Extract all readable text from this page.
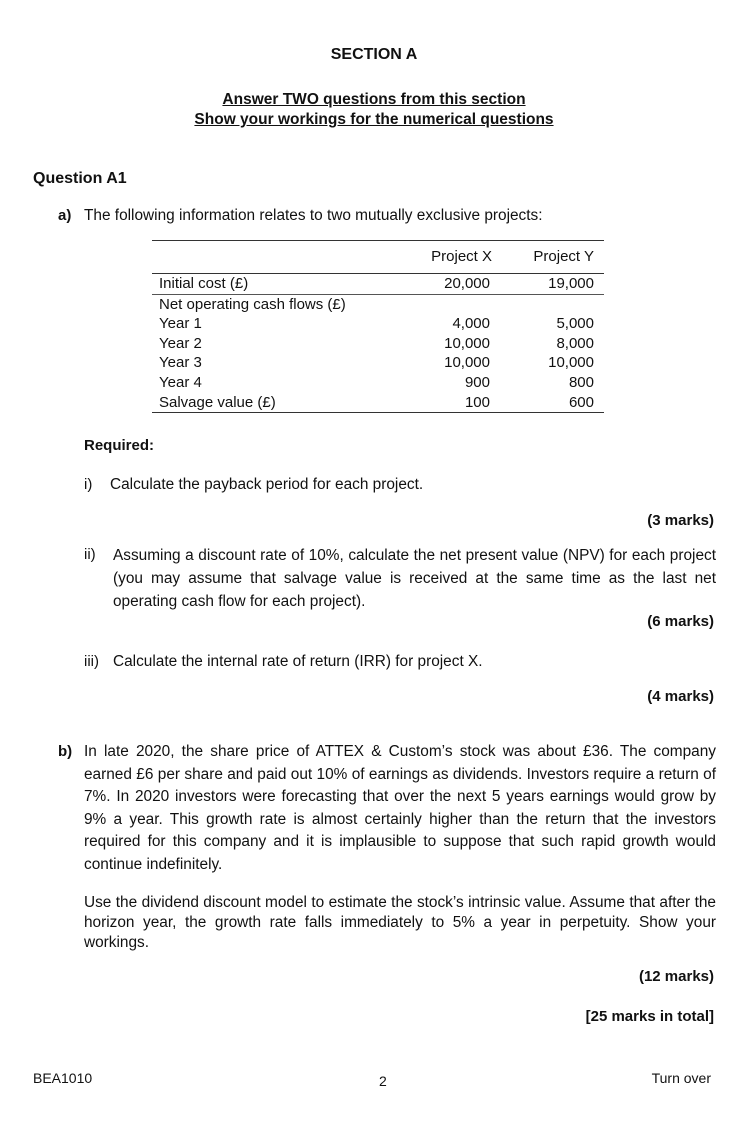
SECTION A
Answer TWO questions from this section
Show your workings for the numerical questions
Question A1
a) The following information relates to two mutually exclusive projects:
	Project X	Project Y
Initial cost (£)	20,000	19,000
Net operating cash flows (£)		
Year 1	4,000	5,000
Year 2	10,000	8,000
Year 3	10,000	10,000
Year 4	900	800
Salvage value (£)	100	600
Required:
i) Calculate the payback period for each project.
(3 marks)
ii) Assuming a discount rate of 10%, calculate the net present value (NPV) for each project (you may assume that salvage value is received at the same time as the last net operating cash flow for each project).
(6 marks)
iii) Calculate the internal rate of return (IRR) for project X.
(4 marks)
b) In late 2020, the share price of ATTEX & Custom’s stock was about £36. The company earned £6 per share and paid out 10% of earnings as dividends. Investors require a return of 7%. In 2020 investors were forecasting that over the next 5 years earnings would grow by 9% a year. This growth rate is almost certainly higher than the return that the investors required for this company and it is implausible to suppose that such rapid growth would continue indefinitely.
Use the dividend discount model to estimate the stock’s intrinsic value. Assume that after the horizon year, the growth rate falls immediately to 5% a year in perpetuity. Show your workings.
(12 marks)
[25 marks in total]
BEA1010	2	Turn over
